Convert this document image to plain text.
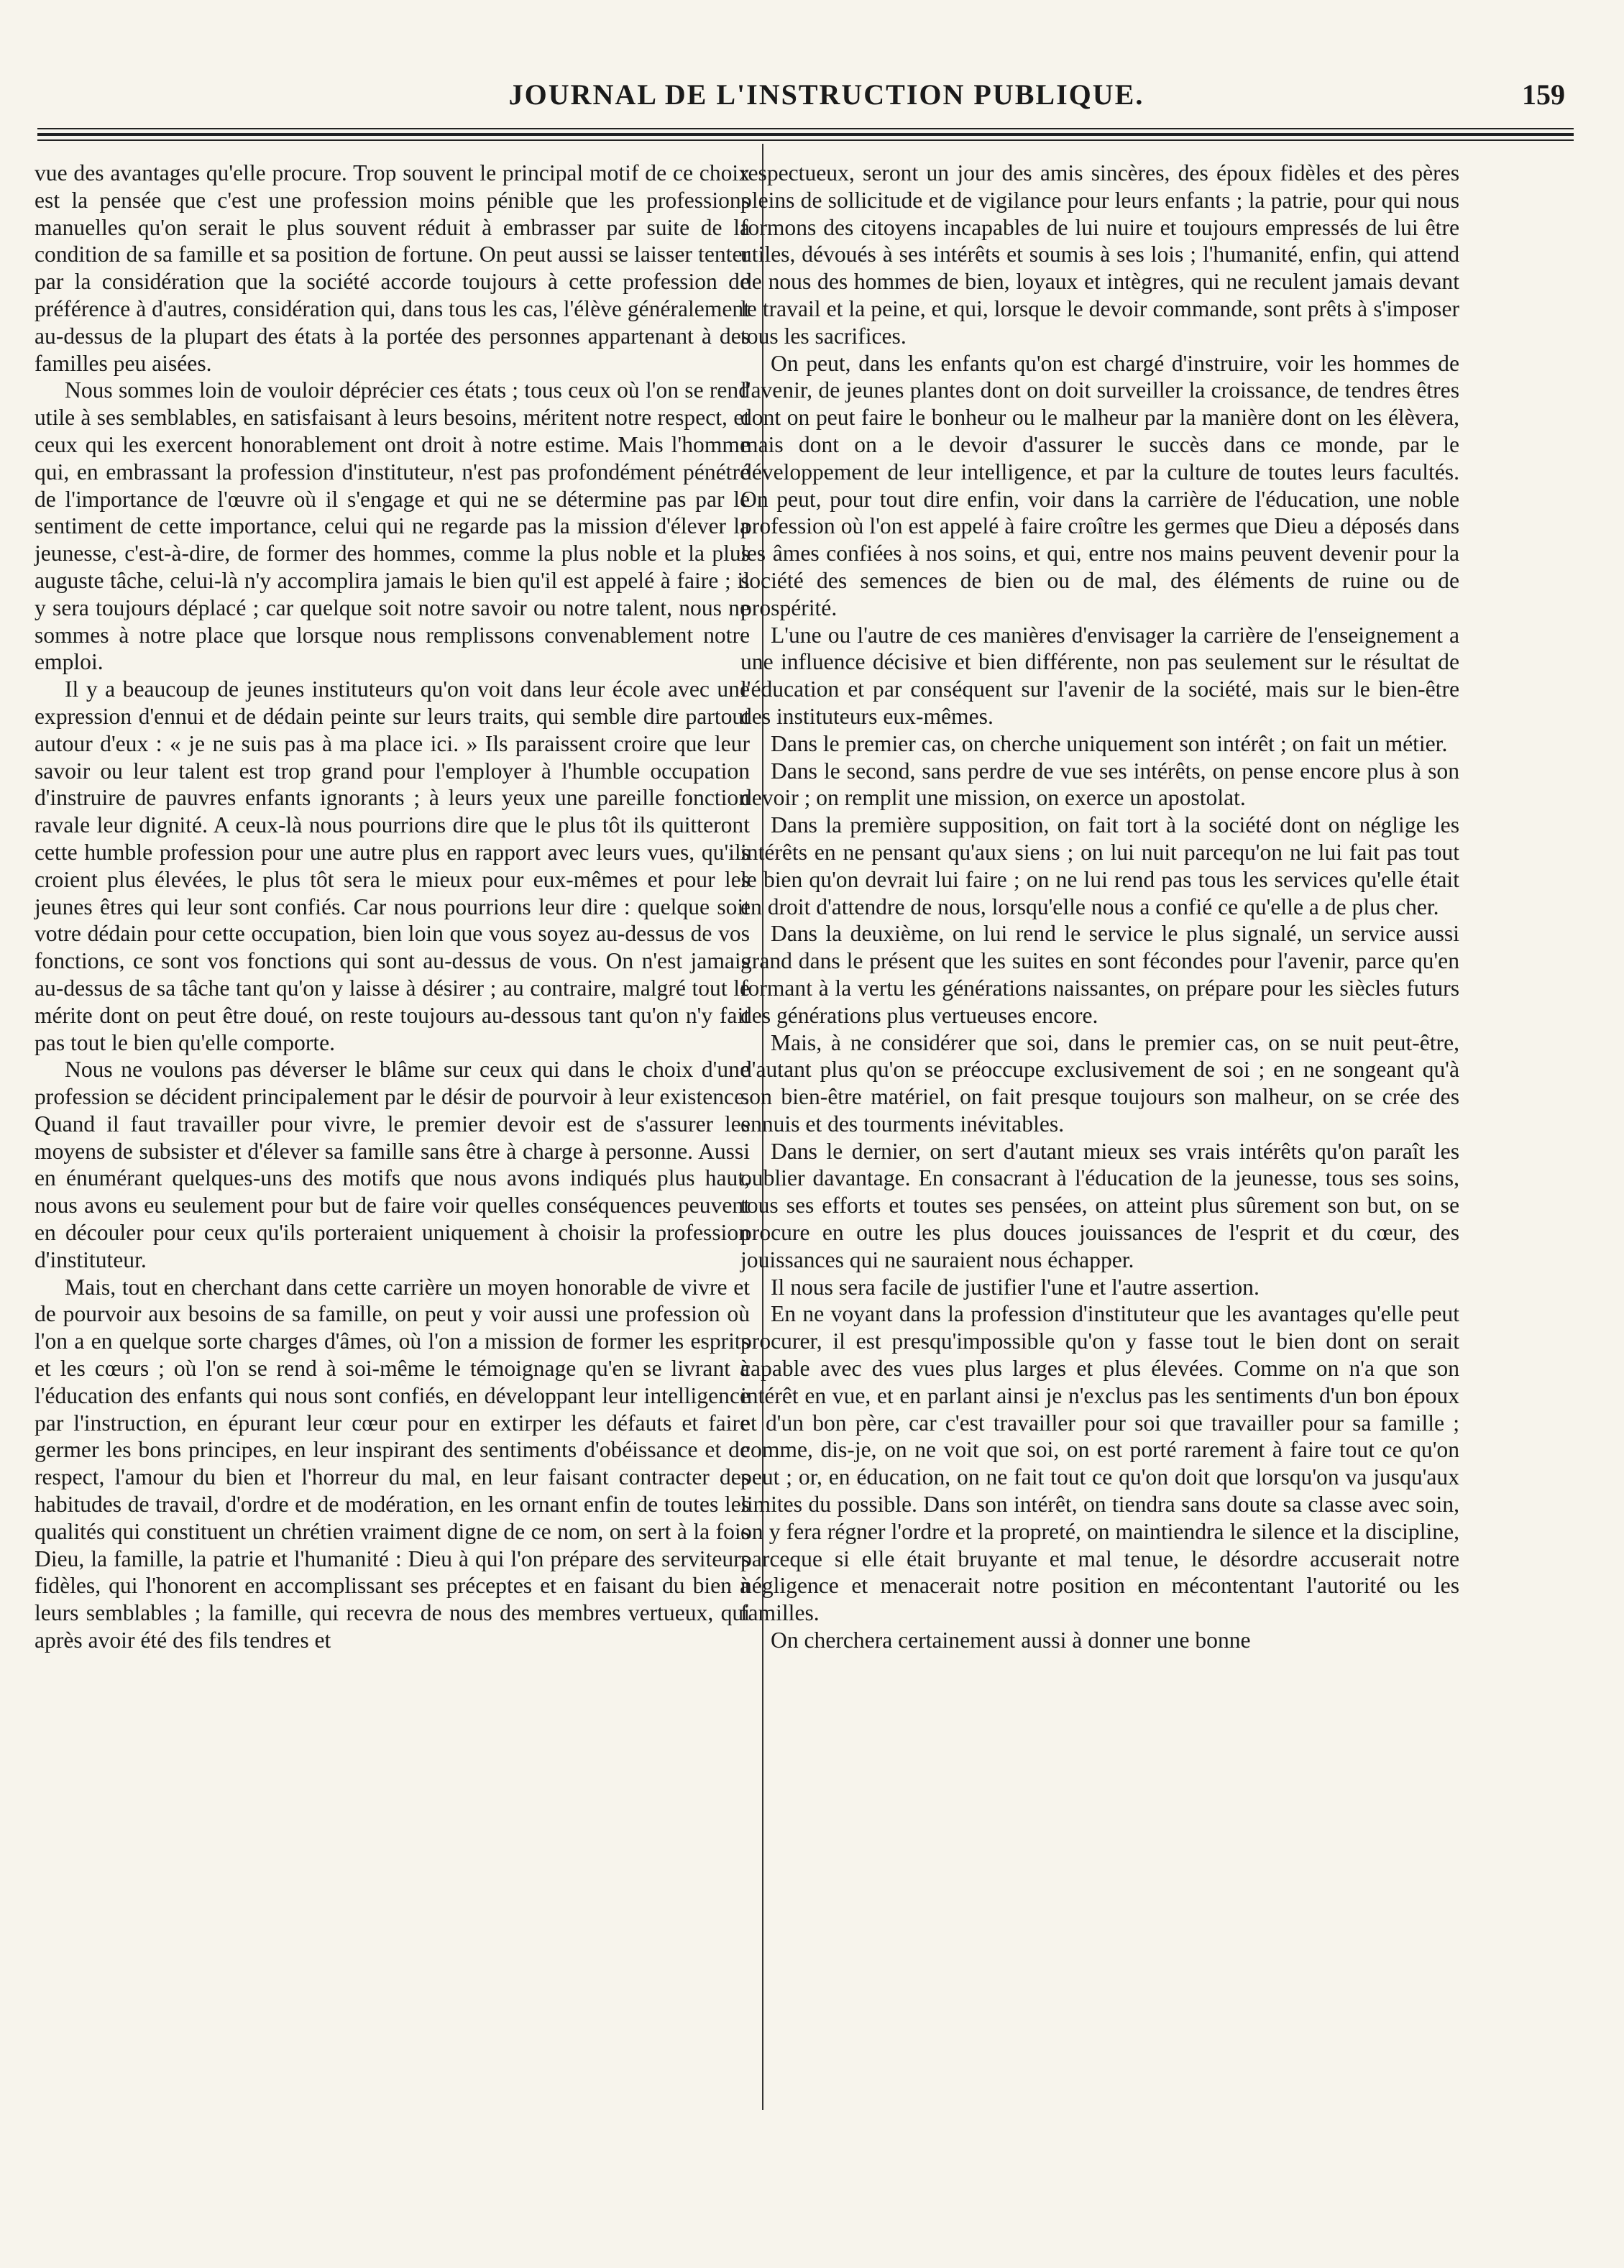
JOURNAL DE L'INSTRUCTION PUBLIQUE.	159

vue des avantages qu'elle procure. Trop souvent le principal motif de ce choix est la pensée que c'est une profession moins pénible que les professions manuelles qu'on serait le plus souvent réduit à embrasser par suite de la condition de sa famille et sa position de fortune. On peut aussi se laisser tenter par la considération que la société accorde toujours à cette profession de préférence à d'autres, considération qui, dans tous les cas, l'élève généralement au-dessus de la plupart des états à la portée des personnes appartenant à des familles peu aisées.

Nous sommes loin de vouloir déprécier ces états ; tous ceux où l'on se rend utile à ses semblables, en satisfaisant à leurs besoins, méritent notre respect, et ceux qui les exercent honorablement ont droit à notre estime. Mais l'homme qui, en embrassant la profession d'instituteur, n'est pas profondément pénétré de l'importance de l'œuvre où il s'engage et qui ne se détermine pas par le sentiment de cette importance, celui qui ne regarde pas la mission d'élever la jeunesse, c'est-à-dire, de former des hommes, comme la plus noble et la plus auguste tâche, celui-là n'y accomplira jamais le bien qu'il est appelé à faire ; il y sera toujours déplacé ; car quelque soit notre savoir ou notre talent, nous ne sommes à notre place que lorsque nous remplissons convenablement notre emploi.

Il y a beaucoup de jeunes instituteurs qu'on voit dans leur école avec une expression d'ennui et de dédain peinte sur leurs traits, qui semble dire partout autour d'eux : « je ne suis pas à ma place ici. » Ils paraissent croire que leur savoir ou leur talent est trop grand pour l'employer à l'humble occupation d'instruire de pauvres enfants ignorants ; à leurs yeux une pareille fonction ravale leur dignité. A ceux-là nous pourrions dire que le plus tôt ils quitteront cette humble profession pour une autre plus en rapport avec leurs vues, qu'ils croient plus élevées, le plus tôt sera le mieux pour eux-mêmes et pour les jeunes êtres qui leur sont confiés. Car nous pourrions leur dire : quelque soit votre dédain pour cette occupation, bien loin que vous soyez au-dessus de vos fonctions, ce sont vos fonctions qui sont au-dessus de vous. On n'est jamais au-dessus de sa tâche tant qu'on y laisse à désirer ; au contraire, malgré tout le mérite dont on peut être doué, on reste toujours au-dessous tant qu'on n'y fait pas tout le bien qu'elle comporte.

Nous ne voulons pas déverser le blâme sur ceux qui dans le choix d'une profession se décident principalement par le désir de pourvoir à leur existence. Quand il faut travailler pour vivre, le premier devoir est de s'assurer les moyens de subsister et d'élever sa famille sans être à charge à personne. Aussi en énumérant quelques-uns des motifs que nous avons indiqués plus haut, nous avons eu seulement pour but de faire voir quelles conséquences peuvent en découler pour ceux qu'ils porteraient uniquement à choisir la profession d'instituteur.

Mais, tout en cherchant dans cette carrière un moyen honorable de vivre et de pourvoir aux besoins de sa famille, on peut y voir aussi une profession où l'on a en quelque sorte charges d'âmes, où l'on a mission de former les esprits et les cœurs ; où l'on se rend à soi-même le témoignage qu'en se livrant à l'éducation des enfants qui nous sont confiés, en développant leur intelligence par l'instruction, en épurant leur cœur pour en extirper les défauts et faire germer les bons principes, en leur inspirant des sentiments d'obéissance et de respect, l'amour du bien et l'horreur du mal, en leur faisant contracter des habitudes de travail, d'ordre et de modération, en les ornant enfin de toutes les qualités qui constituent un chrétien vraiment digne de ce nom, on sert à la fois Dieu, la famille, la patrie et l'humanité : Dieu à qui l'on prépare des serviteurs fidèles, qui l'honorent en accomplissant ses préceptes et en faisant du bien à leurs semblables ; la famille, qui recevra de nous des membres vertueux, qui après avoir été des fils tendres et

respectueux, seront un jour des amis sincères, des époux fidèles et des pères pleins de sollicitude et de vigilance pour leurs enfants ; la patrie, pour qui nous formons des citoyens incapables de lui nuire et toujours empressés de lui être utiles, dévoués à ses intérêts et soumis à ses lois ; l'humanité, enfin, qui attend de nous des hommes de bien, loyaux et intègres, qui ne reculent jamais devant le travail et la peine, et qui, lorsque le devoir commande, sont prêts à s'imposer tous les sacrifices.

On peut, dans les enfants qu'on est chargé d'instruire, voir les hommes de l'avenir, de jeunes plantes dont on doit surveiller la croissance, de tendres êtres dont on peut faire le bonheur ou le malheur par la manière dont on les élèvera, mais dont on a le devoir d'assurer le succès dans ce monde, par le développement de leur intelligence, et par la culture de toutes leurs facultés. On peut, pour tout dire enfin, voir dans la carrière de l'éducation, une noble profession où l'on est appelé à faire croître les germes que Dieu a déposés dans les âmes confiées à nos soins, et qui, entre nos mains peuvent devenir pour la société des semences de bien ou de mal, des éléments de ruine ou de prospérité.

L'une ou l'autre de ces manières d'envisager la carrière de l'enseignement a une influence décisive et bien différente, non pas seulement sur le résultat de l'éducation et par conséquent sur l'avenir de la société, mais sur le bien-être des instituteurs eux-mêmes.

Dans le premier cas, on cherche uniquement son intérêt ; on fait un métier.

Dans le second, sans perdre de vue ses intérêts, on pense encore plus à son devoir ; on remplit une mission, on exerce un apostolat.

Dans la première supposition, on fait tort à la société dont on néglige les intérêts en ne pensant qu'aux siens ; on lui nuit parcequ'on ne lui fait pas tout le bien qu'on devrait lui faire ; on ne lui rend pas tous les services qu'elle était en droit d'attendre de nous, lorsqu'elle nous a confié ce qu'elle a de plus cher.

Dans la deuxième, on lui rend le service le plus signalé, un service aussi grand dans le présent que les suites en sont fécondes pour l'avenir, parce qu'en formant à la vertu les générations naissantes, on prépare pour les siècles futurs des générations plus vertueuses encore.

Mais, à ne considérer que soi, dans le premier cas, on se nuit peut-être, d'autant plus qu'on se préoccupe exclusivement de soi ; en ne songeant qu'à son bien-être matériel, on fait presque toujours son malheur, on se crée des ennuis et des tourments inévitables.

Dans le dernier, on sert d'autant mieux ses vrais intérêts qu'on paraît les oublier davantage. En consacrant à l'éducation de la jeunesse, tous ses soins, tous ses efforts et toutes ses pensées, on atteint plus sûrement son but, on se procure en outre les plus douces jouissances de l'esprit et du cœur, des jouissances qui ne sauraient nous échapper.

Il nous sera facile de justifier l'une et l'autre assertion.

En ne voyant dans la profession d'instituteur que les avantages qu'elle peut procurer, il est presqu'impossible qu'on y fasse tout le bien dont on serait capable avec des vues plus larges et plus élevées. Comme on n'a que son intérêt en vue, et en parlant ainsi je n'exclus pas les sentiments d'un bon époux et d'un bon père, car c'est travailler pour soi que travailler pour sa famille ; comme, dis-je, on ne voit que soi, on est porté rarement à faire tout ce qu'on peut ; or, en éducation, on ne fait tout ce qu'on doit que lorsqu'on va jusqu'aux limites du possible. Dans son intérêt, on tiendra sans doute sa classe avec soin, on y fera régner l'ordre et la propreté, on maintiendra le silence et la discipline, parceque si elle était bruyante et mal tenue, le désordre accuserait notre négligence et menacerait notre position en mécontentant l'autorité ou les familles.

On cherchera certainement aussi à donner une bonne
